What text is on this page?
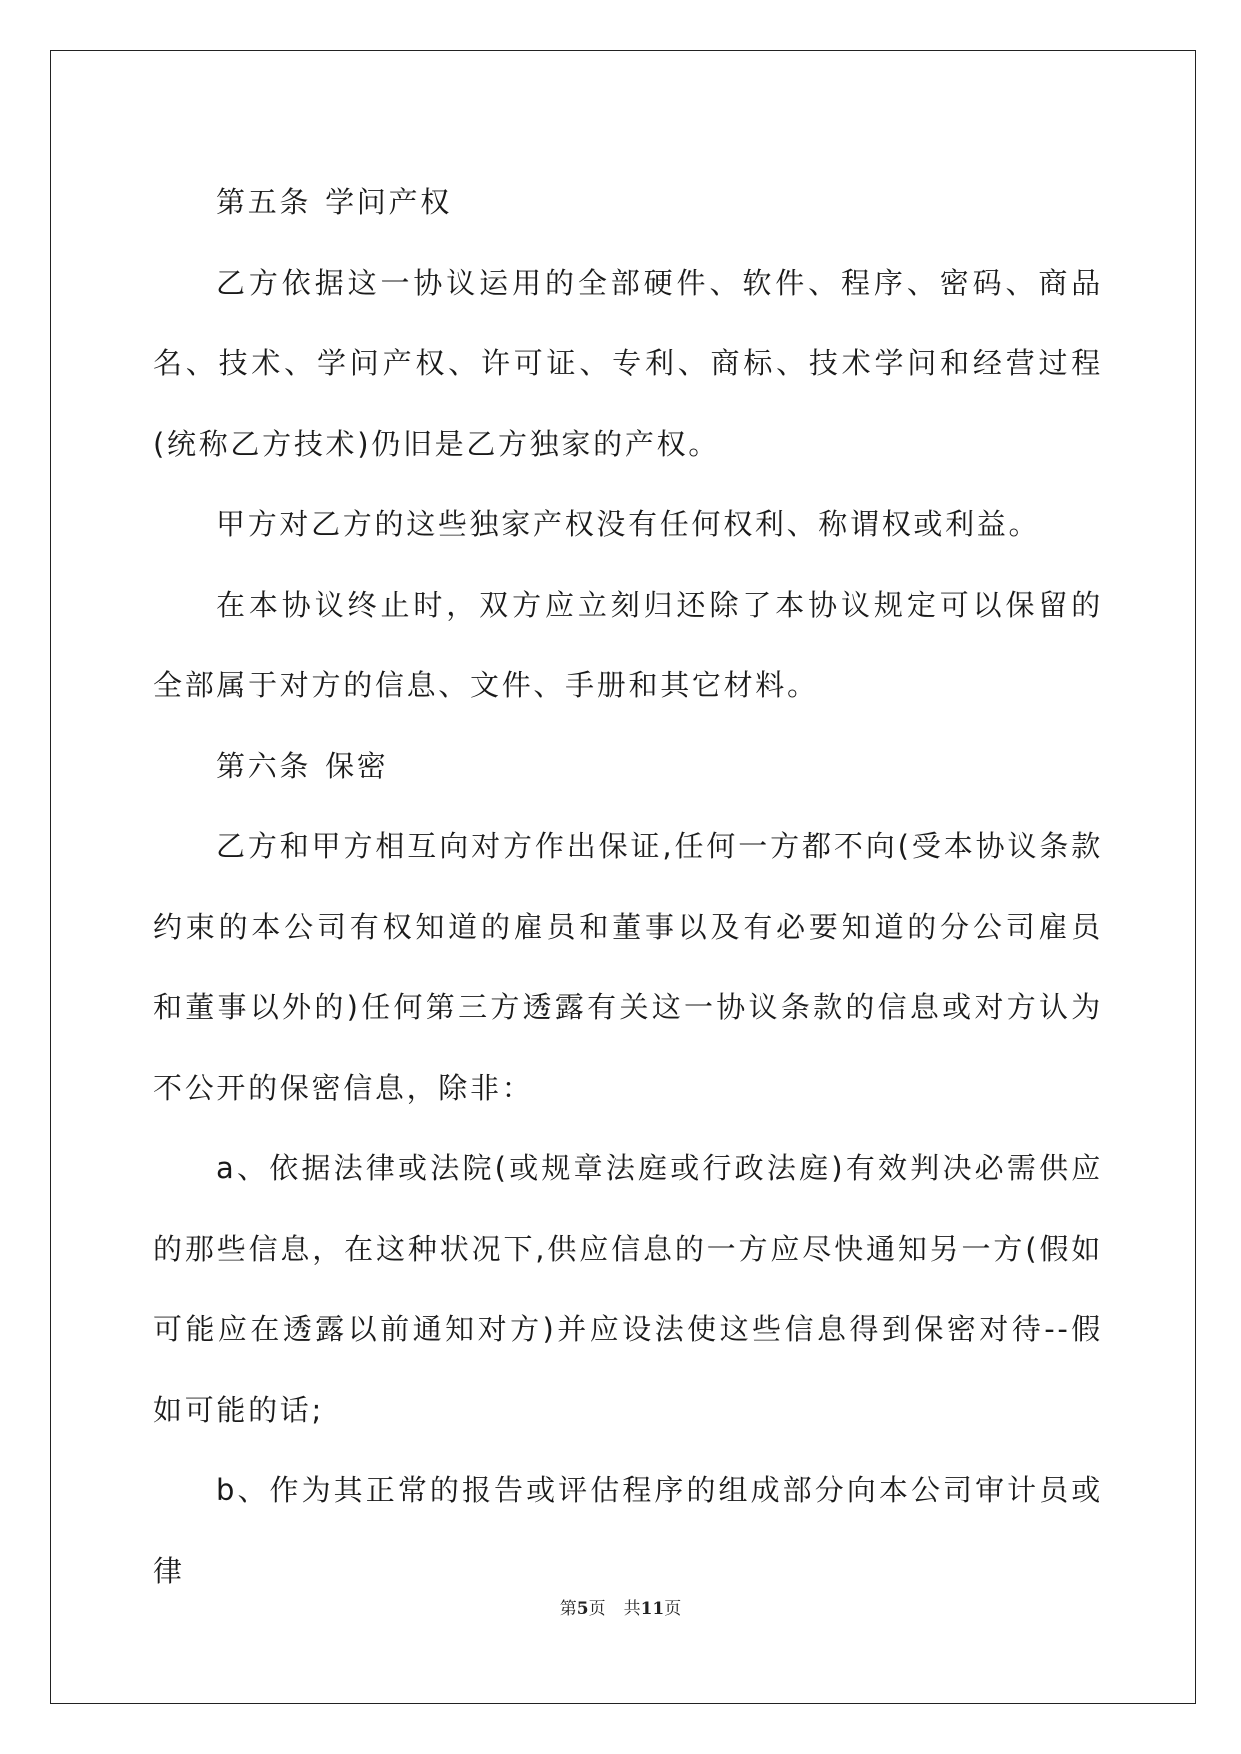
第五条 学问产权

乙方依据这一协议运用的全部硬件、软件、程序、密码、商品名、技术、学问产权、许可证、专利、商标、技术学问和经营过程(统称乙方技术)仍旧是乙方独家的产权。

甲方对乙方的这些独家产权没有任何权利、称谓权或利益。

在本协议终止时，双方应立刻归还除了本协议规定可以保留的全部属于对方的信息、文件、手册和其它材料。

第六条 保密

乙方和甲方相互向对方作出保证,任何一方都不向(受本协议条款约束的本公司有权知道的雇员和董事以及有必要知道的分公司雇员和董事以外的)任何第三方透露有关这一协议条款的信息或对方认为不公开的保密信息，除非：

a、依据法律或法院(或规章法庭或行政法庭)有效判决必需供应的那些信息，在这种状况下,供应信息的一方应尽快通知另一方(假如可能应在透露以前通知对方)并应设法使这些信息得到保密对待--假如可能的话;

b、作为其正常的报告或评估程序的组成部分向本公司审计员或律

第5页 共11页
